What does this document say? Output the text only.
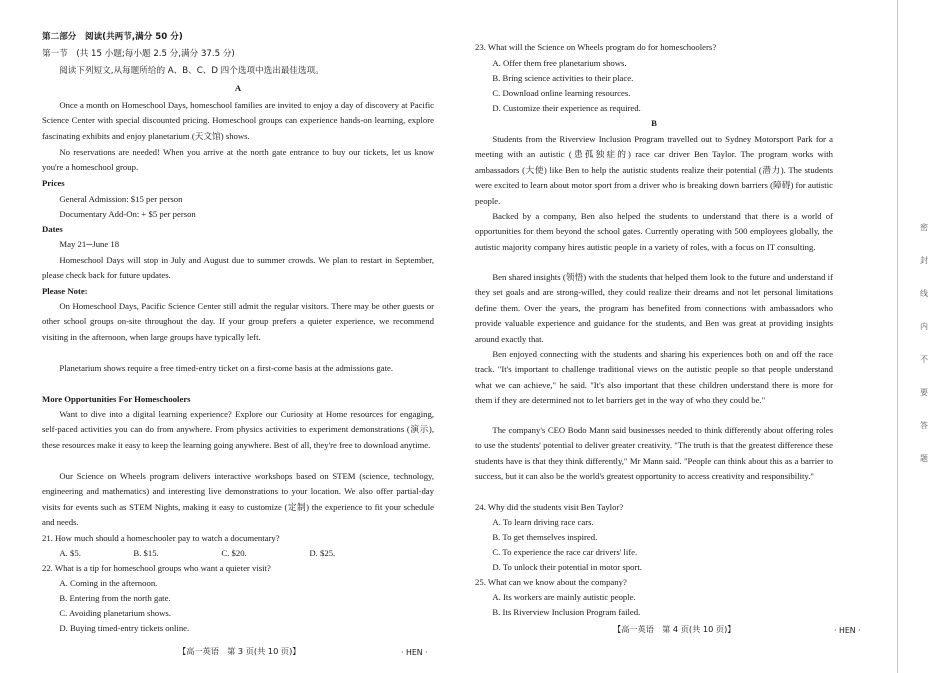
第二部分　阅读(共两节,满分 50 分)

第一节　(共 15 小题;每小题 2.5 分,满分 37.5 分)

阅读下列短文,从每题所给的 A、B、C、D 四个选项中选出最佳选项。

A

Once a month on Homeschool Days, homeschool families are invited to enjoy a day of discovery at Pacific Science Center with special discounted pricing. Homeschool groups can experience hands-on learning, explore fascinating exhibits and enjoy planetarium (天文馆) shows.

No reservations are needed! When you arrive at the north gate entrance to buy our tickets, let us know you're a homeschool group.

Prices

General Admission: $15 per person

Documentary Add-On: + $5 per person

Dates

May 21─June 18

Homeschool Days will stop in July and August due to summer crowds. We plan to restart in September, please check back for future updates.

Please Note:

On Homeschool Days, Pacific Science Center still admit the regular visitors. There may be other guests or other school groups on-site throughout the day. If your group prefers a quieter experience, we recommend visiting in the afternoon, when large groups have typically left.

Planetarium shows require a free timed-entry ticket on a first-come basis at the admissions gate.

More Opportunities For Homeschoolers

Want to dive into a digital learning experience? Explore our Curiosity at Home resources for engaging, self-paced activities you can do from anywhere. From physics activities to experiment demonstrations (演示), these resources make it easy to keep the learning going anywhere. Best of all, they're free to download anytime.

Our Science on Wheels program delivers interactive workshops based on STEM (science, technology, engineering and mathematics) and interesting live demonstrations to your location. We also offer partial-day visits for events such as STEM Nights, making it easy to customize (定制) the experience to fit your schedule and needs.

21. How much should a homeschooler pay to watch a documentary?

A. $5.	B. $15.	C. $20.	D. $25.

22. What is a tip for homeschool groups who want a quieter visit?

A. Coming in the afternoon.

B. Entering from the north gate.

C. Avoiding planetarium shows.

D. Buying timed-entry tickets online.

【高一英语　第 3 页(共 10 页)】	· HEN ·

23. What will the Science on Wheels program do for homeschoolers?

A. Offer them free planetarium shows.

B. Bring science activities to their place.

C. Download online learning resources.

D. Customize their experience as required.

B

Students from the Riverview Inclusion Program travelled out to Sydney Motorsport Park for a meeting with an autistic (患孤独症的) race car driver Ben Taylor. The program works with ambassadors (大使) like Ben to help the autistic students realize their potential (潜力). The students were excited to learn about motor sport from a driver who is breaking down barriers (障碍) for autistic people.

Backed by a company, Ben also helped the students to understand that there is a world of opportunities for them beyond the school gates. Currently operating with 500 employees globally, the autistic majority company hires autistic people in a variety of roles, with a focus on IT consulting.

Ben shared insights (领悟) with the students that helped them look to the future and understand if they set goals and are strong-willed, they could realize their dreams and not let personal limitations define them. Over the years, the program has benefited from connections with ambassadors who provide valuable experience and guidance for the students, and Ben was great at providing insights around exactly that.

Ben enjoyed connecting with the students and sharing his experiences both on and off the race track. "It's important to challenge traditional views on the autistic people so that people understand what we can achieve," he said. "It's also important that these children understand there is more for them if they are determined not to let barriers get in the way of who they could be."

The company's CEO Bodo Mann said businesses needed to think differently about offering roles to use the students' potential to deliver greater creativity. "The truth is that the greatest difference these students have is that they think differently," Mr Mann said. "People can think about this as a barrier to success, but it can also be the world's greatest opportunity to access creativity and responsibility."

24. Why did the students visit Ben Taylor?

A. To learn driving race cars.

B. To get themselves inspired.

C. To experience the race car drivers' life.

D. To unlock their potential in motor sport.

25. What can we know about the company?

A. Its workers are mainly autistic people.

B. Its Riverview Inclusion Program failed.

【高一英语　第 4 页(共 10 页)】	· HEN ·
密
封
线
内
不
要
答
题
